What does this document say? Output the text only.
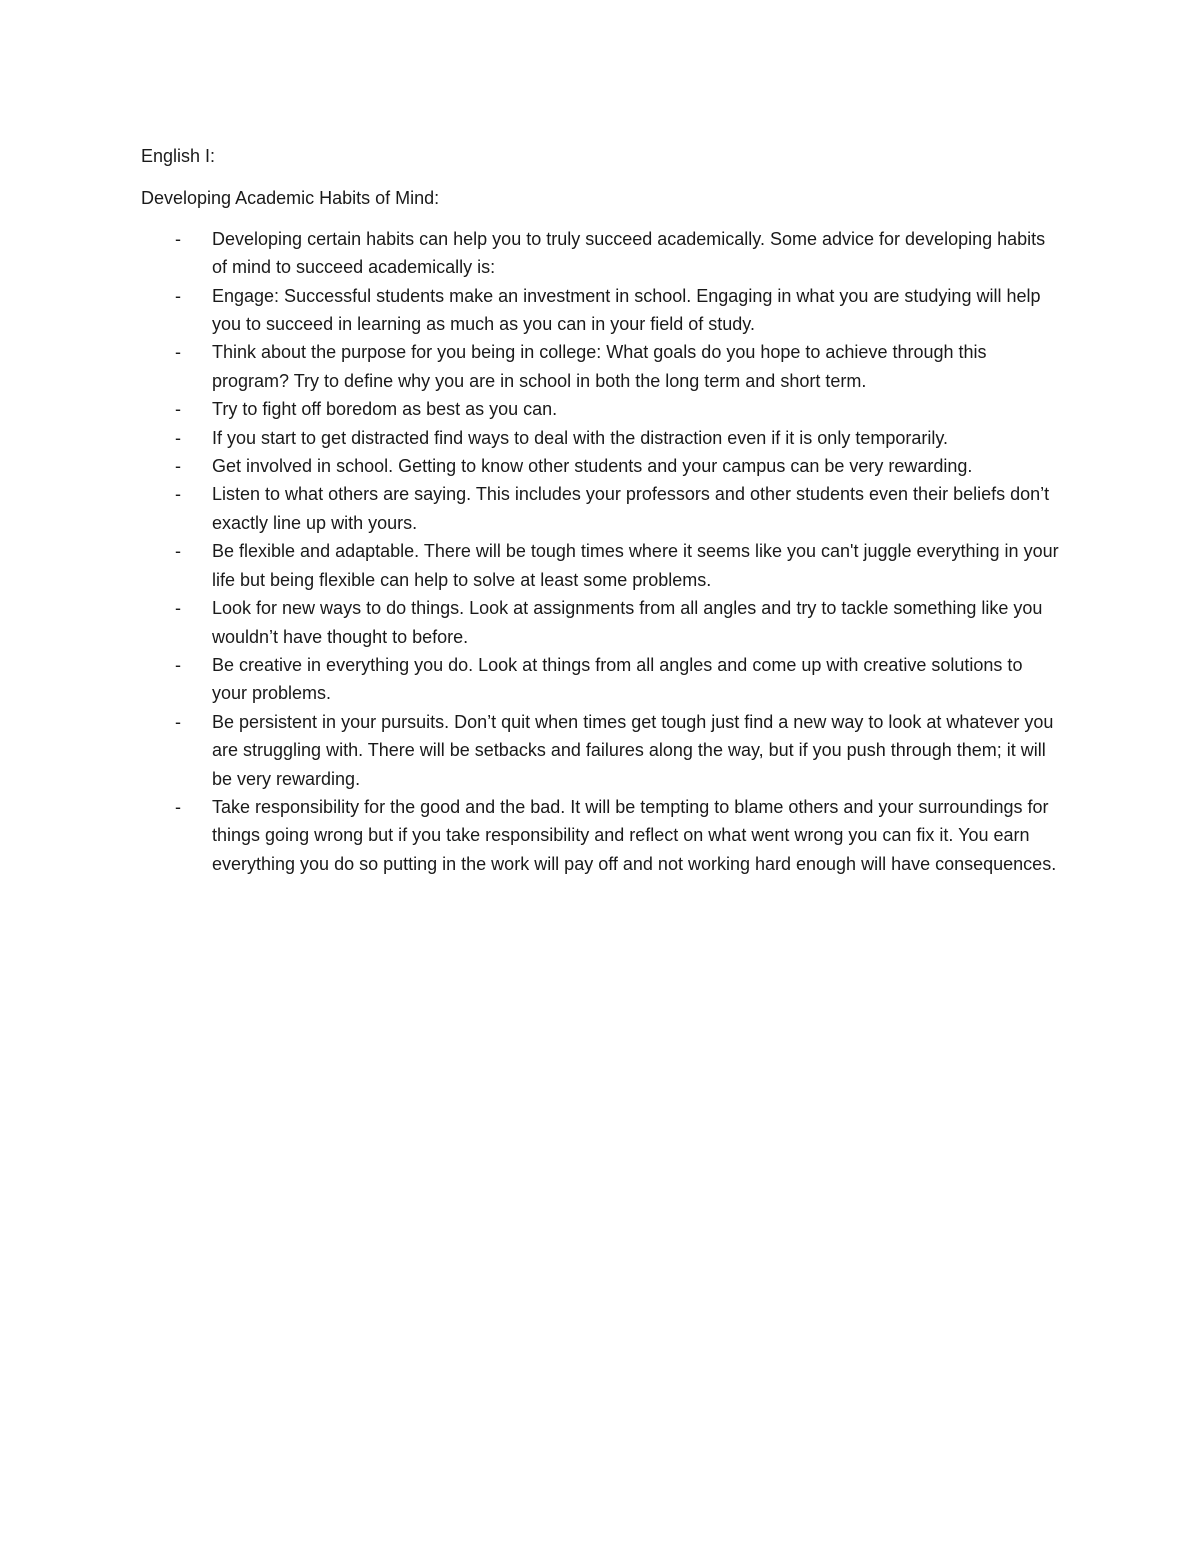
English I:

Developing Academic Habits of Mind:

- Developing certain habits can help you to truly succeed academically. Some advice for developing habits of mind to succeed academically is:
- Engage: Successful students make an investment in school. Engaging in what you are studying will help you to succeed in learning as much as you can in your field of study.
- Think about the purpose for you being in college: What goals do you hope to achieve through this program? Try to define why you are in school in both the long term and short term.
- Try to fight off boredom as best as you can.
- If you start to get distracted find ways to deal with the distraction even if it is only temporarily.
- Get involved in school. Getting to know other students and your campus can be very rewarding.
- Listen to what others are saying. This includes your professors and other students even their beliefs don’t exactly line up with yours.
- Be flexible and adaptable. There will be tough times where it seems like you can't juggle everything in your life but being flexible can help to solve at least some problems.
- Look for new ways to do things. Look at assignments from all angles and try to tackle something like you wouldn’t have thought to before.
- Be creative in everything you do. Look at things from all angles and come up with creative solutions to your problems.
- Be persistent in your pursuits. Don’t quit when times get tough just find a new way to look at whatever you are struggling with. There will be setbacks and failures along the way, but if you push through them; it will be very rewarding.
- Take responsibility for the good and the bad. It will be tempting to blame others and your surroundings for things going wrong but if you take responsibility and reflect on what went wrong you can fix it. You earn everything you do so putting in the work will pay off and not working hard enough will have consequences.
